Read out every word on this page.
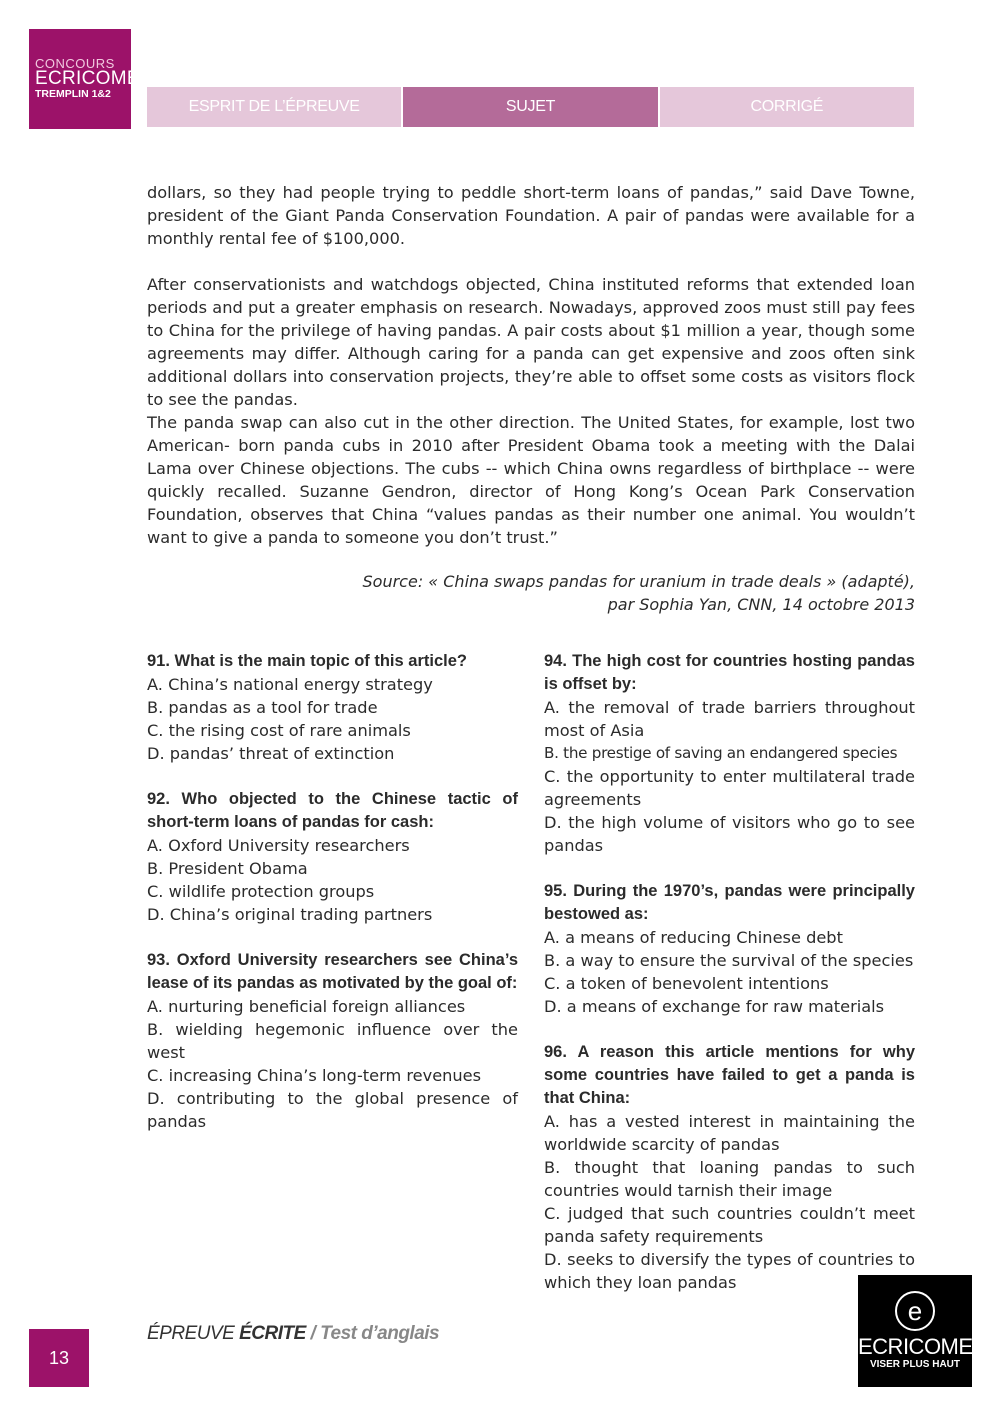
CONCOURS
ECRICOME
TREMPLIN 1&2
ESPRIT DE L’ÉPREUVE	SUJET	CORRIGÉ

dollars, so they had people trying to peddle short-term loans of pandas,” said Dave Towne, president of the Giant Panda Conservation Foundation. A pair of pandas were available for a monthly rental fee of $100,000.

After conservationists and watchdogs objected, China instituted reforms that extended loan periods and put a greater emphasis on research. Nowadays, approved zoos must still pay fees to China for the privilege of having pandas. A pair costs about $1 million a year, though some agreements may differ. Although caring for a panda can get expensive and zoos often sink additional dollars into conservation projects, they’re able to offset some costs as visitors flock to see the pandas.

The panda swap can also cut in the other direction. The United States, for example, lost two American- born panda cubs in 2010 after President Obama took a meeting with the Dalai Lama over Chinese objections. The cubs -- which China owns regardless of birthplace -- were quickly recalled. Suzanne Gendron, director of Hong Kong’s Ocean Park Conservation Foundation, observes that China “values pandas as their number one animal. You wouldn’t want to give a panda to someone you don’t trust.”

Source: « China swaps pandas for uranium in trade deals » (adapté),
par Sophia Yan, CNN, 14 octobre 2013
91. What is the main topic of this article?
A. China’s national energy strategy
B. pandas as a tool for trade
C. the rising cost of rare animals
D. pandas’ threat of extinction
92. Who objected to the Chinese tactic of short-term loans of pandas for cash:
A. Oxford University researchers
B. President Obama
C. wildlife protection groups
D. China’s original trading partners
93. Oxford University researchers see China’s lease of its pandas as motivated by the goal of:
A. nurturing beneficial foreign alliances
B. wielding hegemonic influence over the west
C. increasing China’s long-term revenues
D. contributing to the global presence of pandas
94. The high cost for countries hosting pandas is offset by:
A. the removal of trade barriers throughout most of Asia
B. the prestige of saving an endangered species
C. the opportunity to enter multilateral trade agreements
D. the high volume of visitors who go to see pandas
95. During the 1970’s, pandas were principally bestowed as:
A. a means of reducing Chinese debt
B. a way to ensure the survival of the species
C. a token of benevolent intentions
D. a means of exchange for raw materials
96. A reason this article mentions for why some countries have failed to get a panda is that China:
A. has a vested interest in maintaining the worldwide scarcity of pandas
B. thought that loaning pandas to such countries would tarnish their image
C. judged that such countries couldn’t meet panda safety requirements
D. seeks to diversify the types of countries to which they loan pandas
13
ÉPREUVE ÉCRITE / Test d’anglais
e
ECRICOME
VISER PLUS HAUT
